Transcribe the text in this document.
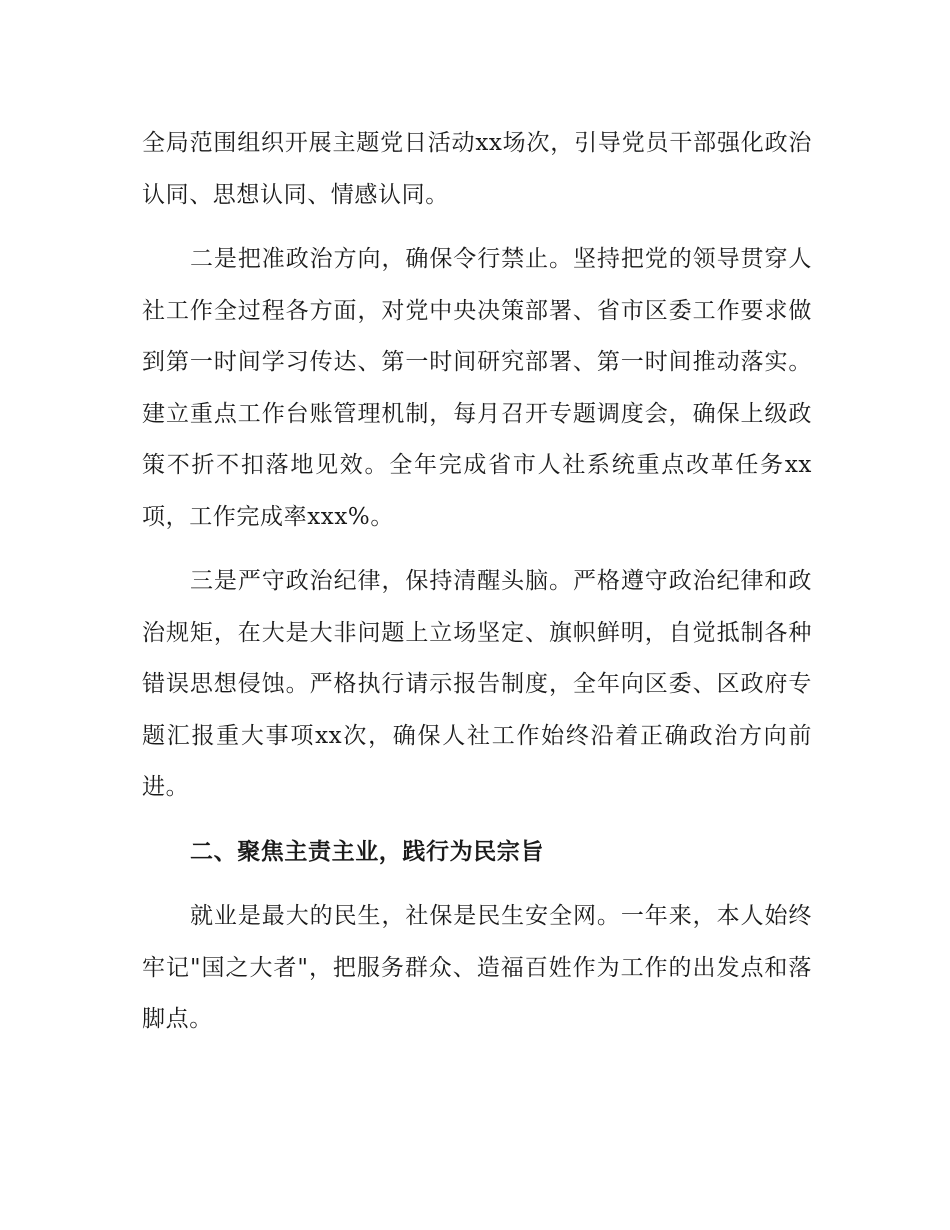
全局范围组织开展主题党日活动xx场次，引导党员干部强化政治认同、思想认同、情感认同。

二是把准政治方向，确保令行禁止。坚持把党的领导贯穿人社工作全过程各方面，对党中央决策部署、省市区委工作要求做到第一时间学习传达、第一时间研究部署、第一时间推动落实。建立重点工作台账管理机制，每月召开专题调度会，确保上级政策不折不扣落地见效。全年完成省市人社系统重点改革任务xx项，工作完成率xxx%。

三是严守政治纪律，保持清醒头脑。严格遵守政治纪律和政治规矩，在大是大非问题上立场坚定、旗帜鲜明，自觉抵制各种错误思想侵蚀。严格执行请示报告制度，全年向区委、区政府专题汇报重大事项xx次，确保人社工作始终沿着正确政治方向前进。

二、聚焦主责主业，践行为民宗旨

就业是最大的民生，社保是民生安全网。一年来，本人始终牢记"国之大者"，把服务群众、造福百姓作为工作的出发点和落脚点。
